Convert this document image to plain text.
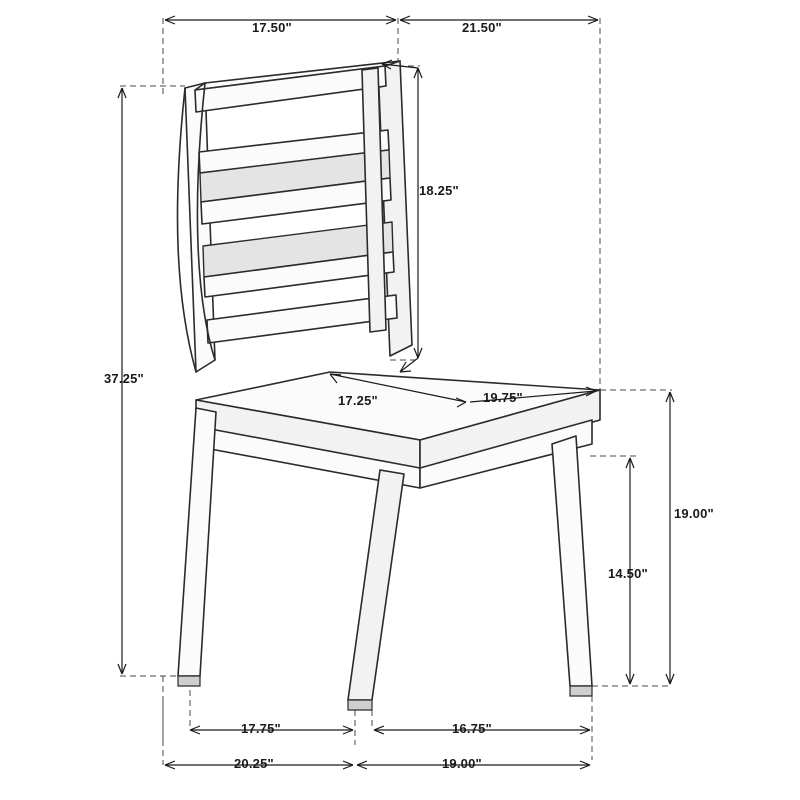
17.50"	21.50"
18.25"
37.25"
17.25"	19.75"
19.00"
14.50"
17.75"	16.75"
20.25"	19.00"
